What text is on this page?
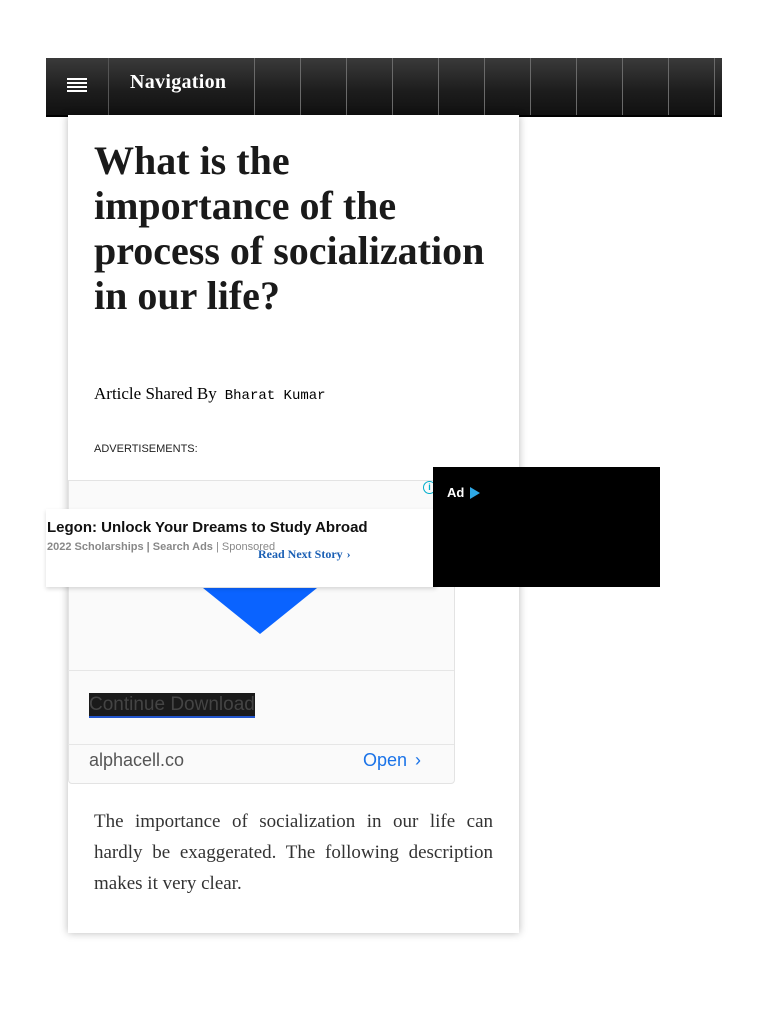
Navigation
What is the importance of the process of socialization in our life?
Article Shared By Bharat Kumar
ADVERTISEMENTS:
i
Continue Download
alphacell.co	Open ›
Legon: Unlock Your Dreams to Study Abroad
2022 Scholarships | Search Ads | Sponsored
Read Next Story ›
Ad

The importance of socialization in our life can hardly be exaggerated. The following description makes it very clear.
